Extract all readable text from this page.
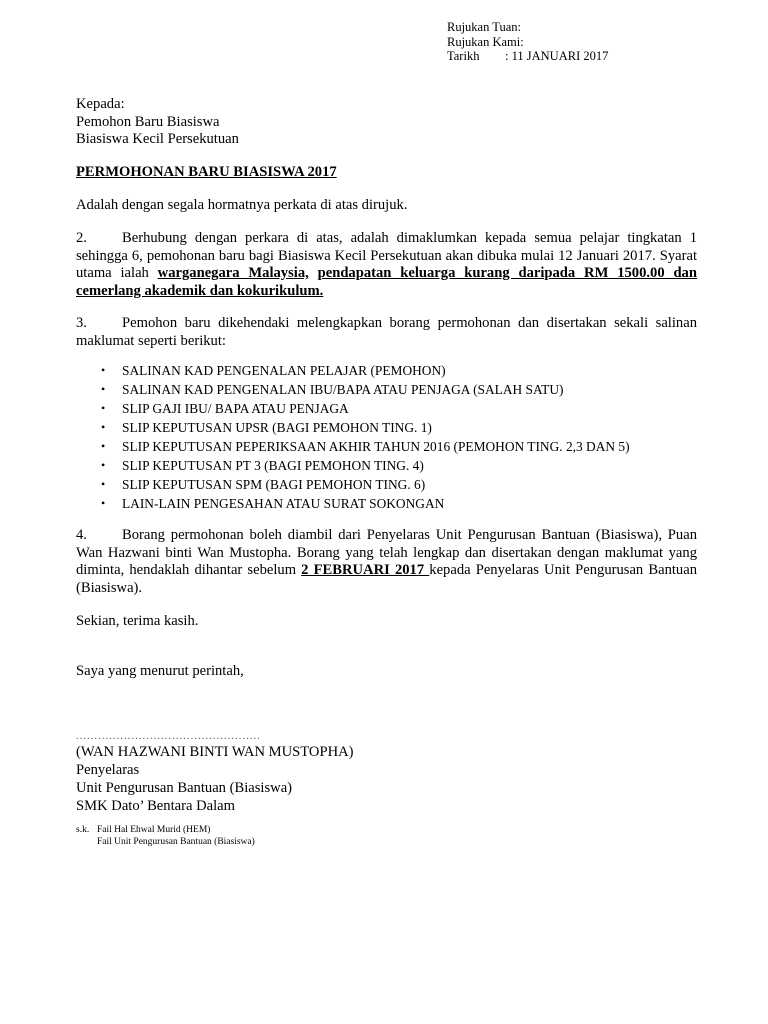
Rujukan Tuan:
Rujukan Kami:
Tarikh : 11 JANUARI 2017
Kepada:
Pemohon Baru Biasiswa
Biasiswa Kecil Persekutuan
PERMOHONAN BARU BIASISWA 2017
Adalah dengan segala hormatnya perkata di atas dirujuk.
2. Berhubung dengan perkara di atas, adalah dimaklumkan kepada semua pelajar tingkatan 1 sehingga 6, pemohonan baru bagi Biasiswa Kecil Persekutuan akan dibuka mulai 12 Januari 2017. Syarat utama ialah warganegara Malaysia, pendapatan keluarga kurang daripada RM 1500.00 dan cemerlang akademik dan kokurikulum.
3. Pemohon baru dikehendaki melengkapkan borang permohonan dan disertakan sekali salinan maklumat seperti berikut:
• SALINAN KAD PENGENALAN PELAJAR (PEMOHON)
• SALINAN KAD PENGENALAN IBU/BAPA ATAU PENJAGA (SALAH SATU)
• SLIP GAJI IBU/ BAPA ATAU PENJAGA
• SLIP KEPUTUSAN UPSR (BAGI PEMOHON TING. 1)
• SLIP KEPUTUSAN PEPERIKSAAN AKHIR TAHUN 2016 (PEMOHON TING. 2,3 DAN 5)
• SLIP KEPUTUSAN PT 3 (BAGI PEMOHON TING. 4)
• SLIP KEPUTUSAN SPM (BAGI PEMOHON TING. 6)
• LAIN-LAIN PENGESAHAN ATAU SURAT SOKONGAN
4. Borang permohonan boleh diambil dari Penyelaras Unit Pengurusan Bantuan (Biasiswa), Puan Wan Hazwani binti Wan Mustopha. Borang yang telah lengkap dan disertakan dengan maklumat yang diminta, hendaklah dihantar sebelum 2 FEBRUARI 2017 kepada Penyelaras Unit Pengurusan Bantuan (Biasiswa).
Sekian, terima kasih.
Saya yang menurut perintah,
..................................................
(WAN HAZWANI BINTI WAN MUSTOPHA)
Penyelaras
Unit Pengurusan Bantuan (Biasiswa)
SMK Dato’ Bentara Dalam
s.k. Fail Hal Ehwal Murid (HEM)
Fail Unit Pengurusan Bantuan (Biasiswa)
